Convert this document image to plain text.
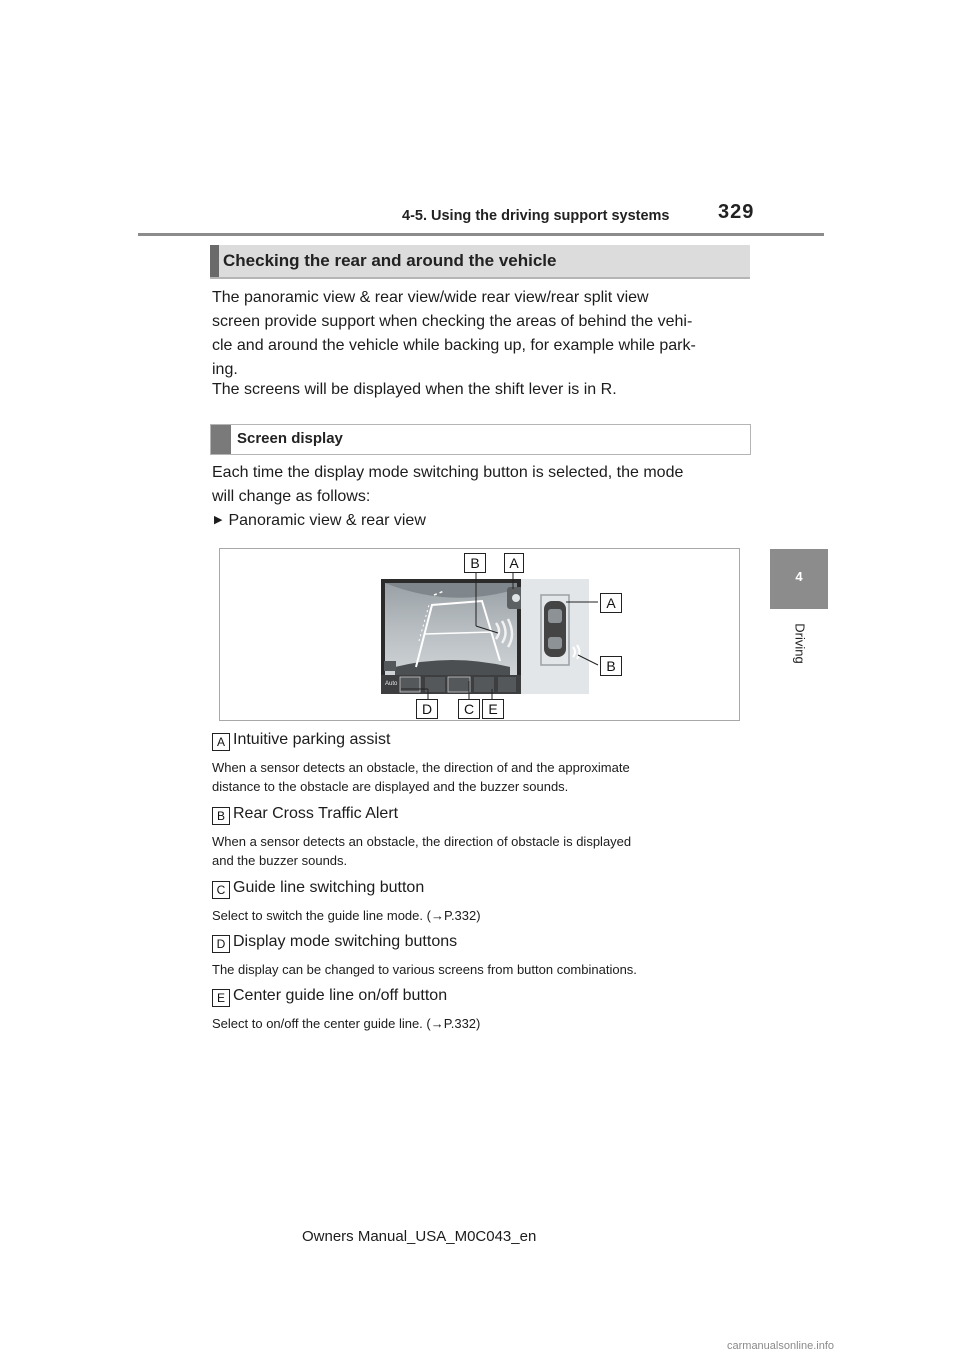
4-5. Using the driving support systems 329
4
Driving
Checking the rear and around the vehicle
The panoramic view & rear view/wide rear view/rear split view
screen provide support when checking the areas of behind the vehi-
cle and around the vehicle while backing up, for example while park-
ing.
The screens will be displayed when the shift lever is in R.
Screen display
Each time the display mode switching button is selected, the mode
will change as follows:
▶ Panoramic view & rear view
Auto
B	A
A
B
D	C	E
A Intuitive parking assist
When a sensor detects an obstacle, the direction of and the approximate
distance to the obstacle are displayed and the buzzer sounds.
B Rear Cross Traffic Alert
When a sensor detects an obstacle, the direction of obstacle is displayed
and the buzzer sounds.
C Guide line switching button
Select to switch the guide line mode. (→P.332)
D Display mode switching buttons
The display can be changed to various screens from button combinations.
E Center guide line on/off button
Select to on/off the center guide line. (→P.332)
Owners Manual_USA_M0C043_en
carmanualsonline.info
